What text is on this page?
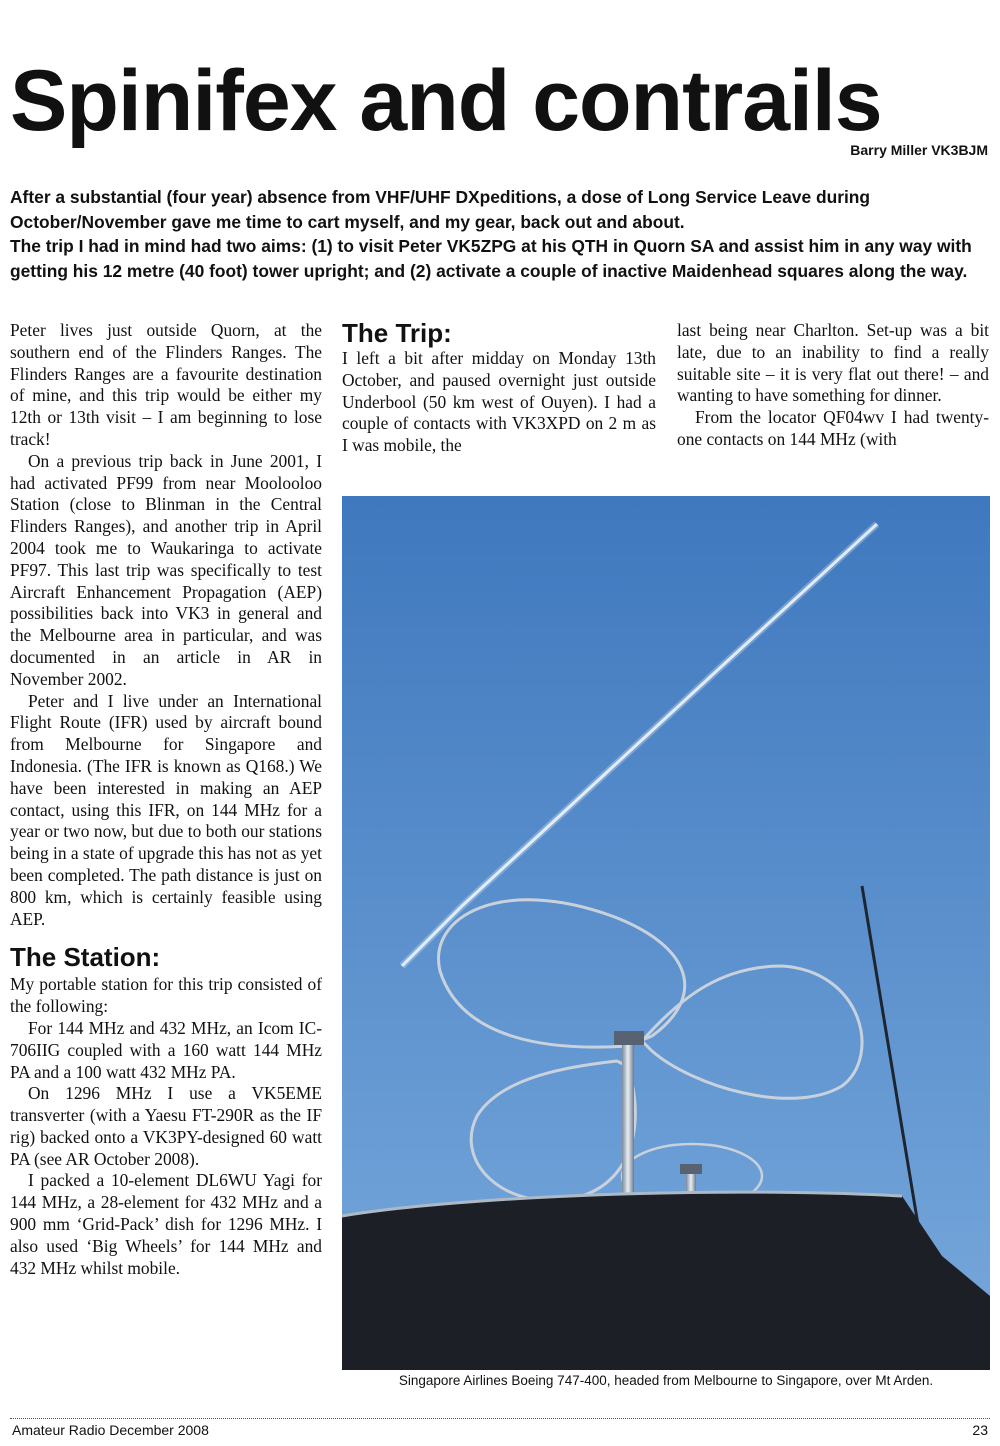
Spinifex and contrails
Barry Miller VK3BJM

After a substantial (four year) absence from VHF/UHF DXpeditions, a dose of Long Service Leave during October/November gave me time to cart myself, and my gear, back out and about.

The trip I had in mind had two aims: (1) to visit Peter VK5ZPG at his QTH in Quorn SA and assist him in any way with getting his 12 metre (40 foot) tower upright; and (2) activate a couple of inactive Maidenhead squares along the way.

Peter lives just outside Quorn, at the southern end of the Flinders Ranges. The Flinders Ranges are a favourite destination of mine, and this trip would be either my 12th or 13th visit – I am beginning to lose track!

On a previous trip back in June 2001, I had activated PF99 from near Moolooloo Station (close to Blinman in the Central Flinders Ranges), and another trip in April 2004 took me to Waukaringa to activate PF97. This last trip was specifically to test Aircraft Enhancement Propagation (AEP) possibilities back into VK3 in general and the Melbourne area in particular, and was documented in an article in AR in November 2002.

Peter and I live under an International Flight Route (IFR) used by aircraft bound from Melbourne for Singapore and Indonesia. (The IFR is known as Q168.) We have been interested in making an AEP contact, using this IFR, on 144 MHz for a year or two now, but due to both our stations being in a state of upgrade this has not as yet been completed. The path distance is just on 800 km, which is certainly feasible using AEP.

The Station:

My portable station for this trip consisted of the following:

For 144 MHz and 432 MHz, an Icom IC-706IIG coupled with a 160 watt 144 MHz PA and a 100 watt 432 MHz PA.

On 1296 MHz I use a VK5EME transverter (with a Yaesu FT-290R as the IF rig) backed onto a VK3PY-designed 60 watt PA (see AR October 2008).

I packed a 10-element DL6WU Yagi for 144 MHz, a 28-element for 432 MHz and a 900 mm ‘Grid-Pack’ dish for 1296 MHz. I also used ‘Big Wheels’ for 144 MHz and 432 MHz whilst mobile.

The Trip:

I left a bit after midday on Monday 13th October, and paused overnight just outside Underbool (50 km west of Ouyen). I had a couple of contacts with VK3XPD on 2 m as I was mobile, the

last being near Charlton. Set-up was a bit late, due to an inability to find a really suitable site – it is very flat out there! – and wanting to have something for dinner.

From the locator QF04wv I had twenty-one contacts on 144 MHz (with

Singapore Airlines Boeing 747-400, headed from Melbourne to Singapore, over Mt Arden.
Amateur Radio December 2008	23
